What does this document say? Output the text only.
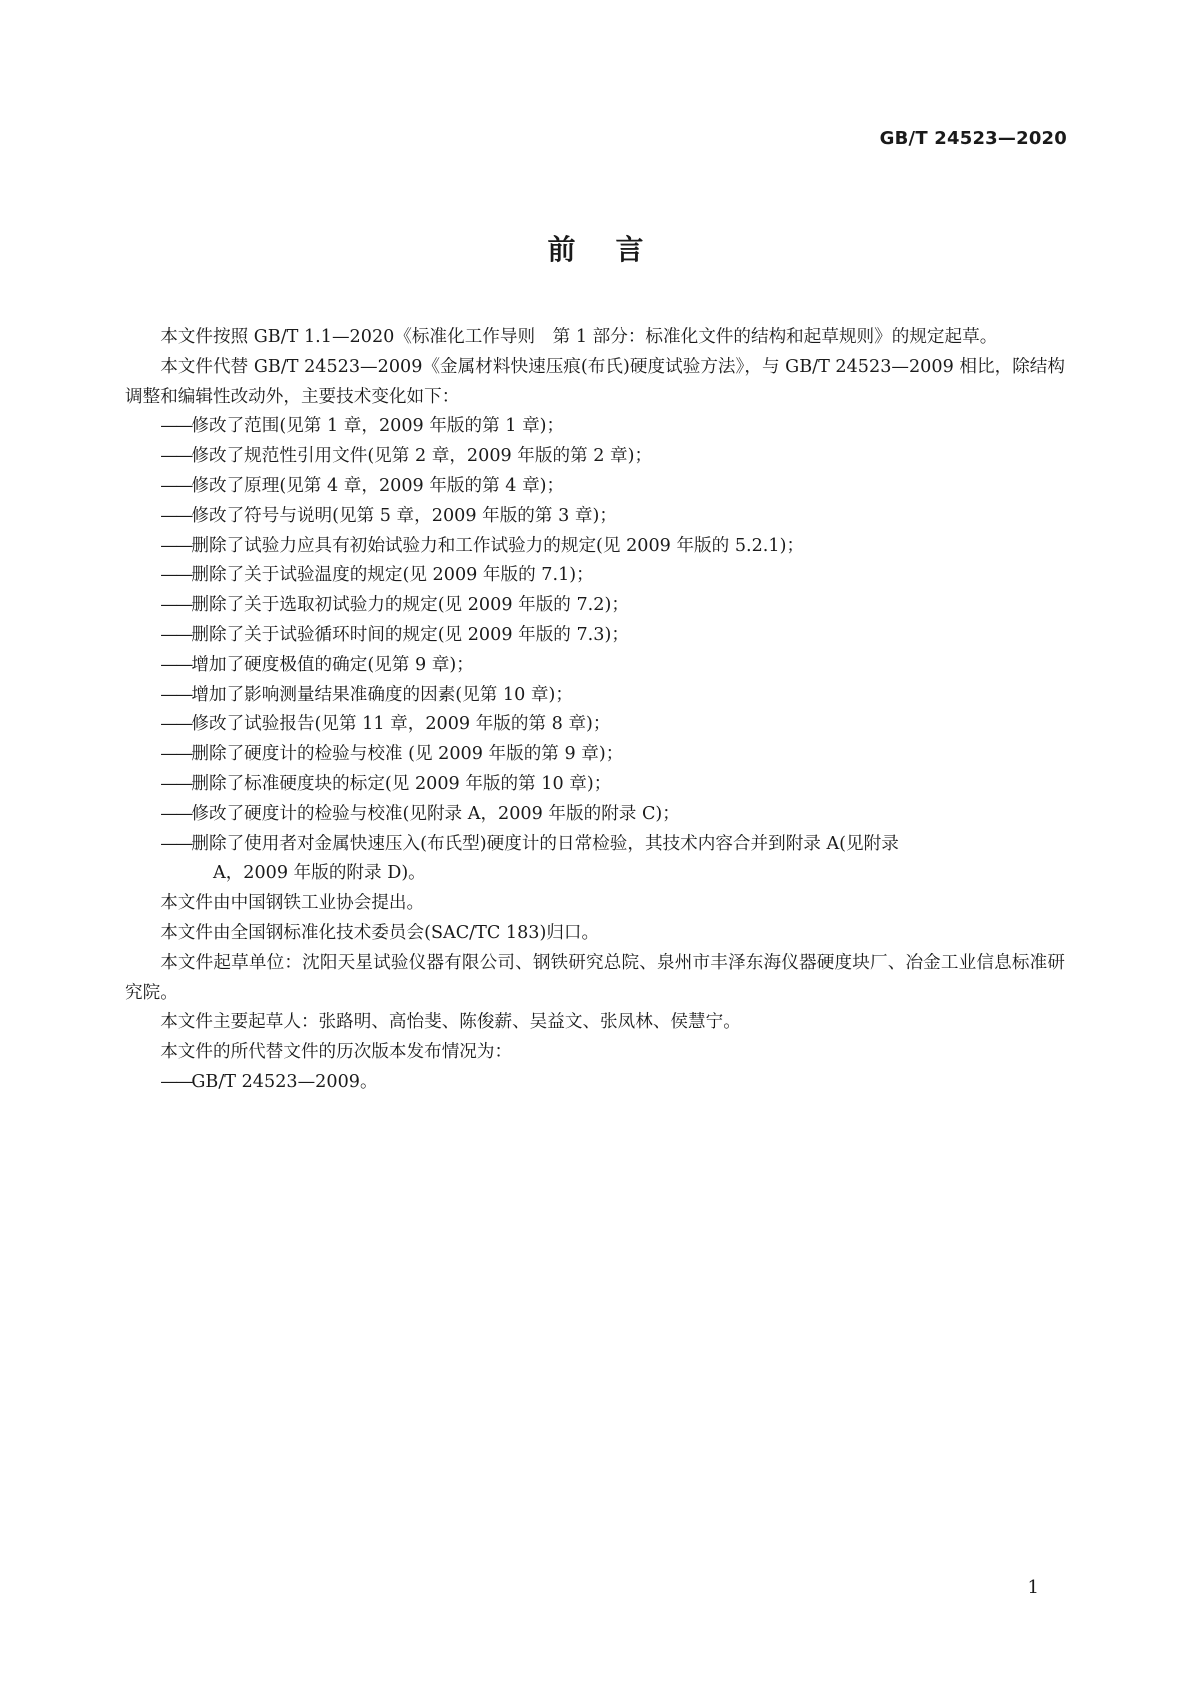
GB/T 24523—2020
前言

本文件按照 GB/T 1.1—2020《标准化工作导则　第 1 部分：标准化文件的结构和起草规则》的规定起草。

本文件代替 GB/T 24523—2009《金属材料快速压痕(布氏)硬度试验方法》，与 GB/T 24523—2009 相比，除结构调整和编辑性改动外，主要技术变化如下：

——修改了范围(见第 1 章，2009 年版的第 1 章)；
——修改了规范性引用文件(见第 2 章，2009 年版的第 2 章)；
——修改了原理(见第 4 章，2009 年版的第 4 章)；
——修改了符号与说明(见第 5 章，2009 年版的第 3 章)；
——删除了试验力应具有初始试验力和工作试验力的规定(见 2009 年版的 5.2.1)；
——删除了关于试验温度的规定(见 2009 年版的 7.1)；
——删除了关于选取初试验力的规定(见 2009 年版的 7.2)；
——删除了关于试验循环时间的规定(见 2009 年版的 7.3)；
——增加了硬度极值的确定(见第 9 章)；
——增加了影响测量结果准确度的因素(见第 10 章)；
——修改了试验报告(见第 11 章，2009 年版的第 8 章)；
——删除了硬度计的检验与校准 (见 2009 年版的第 9 章)；
——删除了标准硬度块的标定(见 2009 年版的第 10 章)；
——修改了硬度计的检验与校准(见附录 A，2009 年版的附录 C)；
——删除了使用者对金属快速压入(布氏型)硬度计的日常检验，其技术内容合并到附录 A(见附录
A，2009 年版的附录 D)。

本文件由中国钢铁工业协会提出。

本文件由全国钢标准化技术委员会(SAC/TC 183)归口。

本文件起草单位：沈阳天星试验仪器有限公司、钢铁研究总院、泉州市丰泽东海仪器硬度块厂、冶金工业信息标准研究院。

本文件主要起草人：张路明、高怡斐、陈俊薪、吴益文、张凤林、侯慧宁。

本文件的所代替文件的历次版本发布情况为：

——GB/T 24523—2009。
1
